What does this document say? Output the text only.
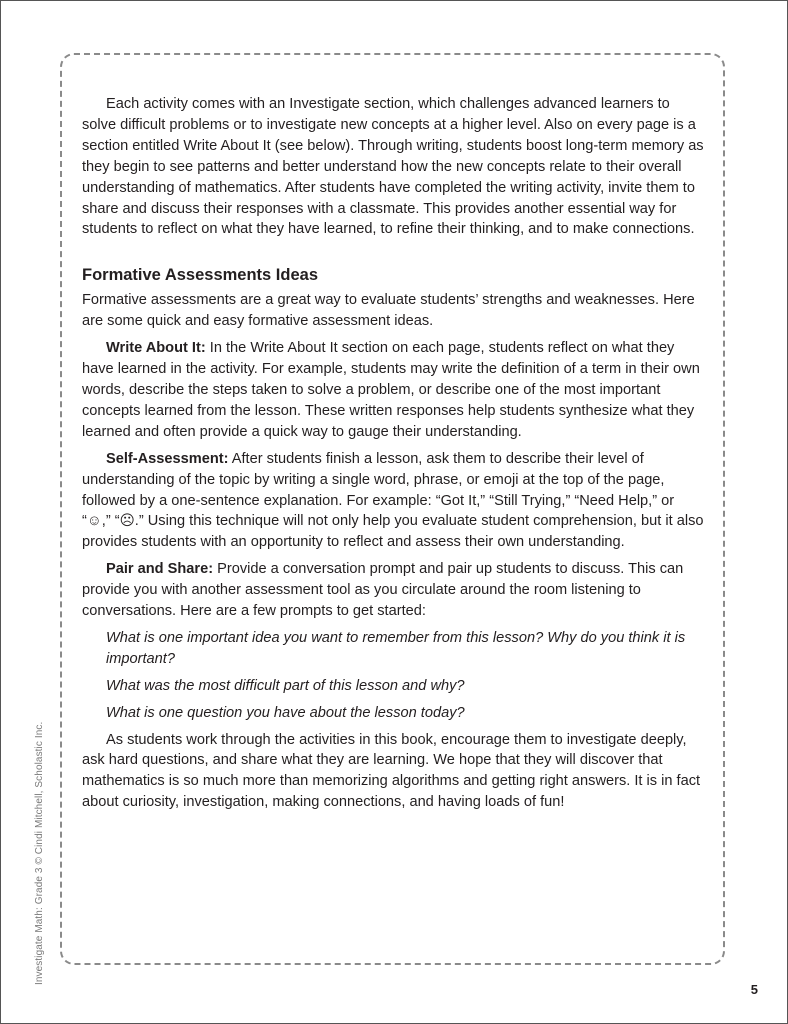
Each activity comes with an Investigate section, which challenges advanced learners to solve difficult problems or to investigate new concepts at a higher level. Also on every page is a section entitled Write About It (see below). Through writing, students boost long-term memory as they begin to see patterns and better understand how the new concepts relate to their overall understanding of mathematics. After students have completed the writing activity, invite them to share and discuss their responses with a classmate. This provides another essential way for students to reflect on what they have learned, to refine their thinking, and to make connections.

Formative Assessments Ideas

Formative assessments are a great way to evaluate students’ strengths and weaknesses. Here are some quick and easy formative assessment ideas.

Write About It: In the Write About It section on each page, students reflect on what they have learned in the activity. For example, students may write the definition of a term in their own words, describe the steps taken to solve a problem, or describe one of the most important concepts learned from the lesson. These written responses help students synthesize what they learned and often provide a quick way to gauge their understanding.

Self-Assessment: After students finish a lesson, ask them to describe their level of understanding of the topic by writing a single word, phrase, or emoji at the top of the page, followed by a one-sentence explanation. For example: “Got It,” “Still Trying,” “Need Help,” or “☺,” “☹.” Using this technique will not only help you evaluate student comprehension, but it also provides students with an opportunity to reflect and assess their own understanding.

Pair and Share: Provide a conversation prompt and pair up students to discuss. This can provide you with another assessment tool as you circulate around the room listening to conversations. Here are a few prompts to get started:

What is one important idea you want to remember from this lesson? Why do you think it is important?

What was the most difficult part of this lesson and why?

What is one question you have about the lesson today?

As students work through the activities in this book, encourage them to investigate deeply, ask hard questions, and share what they are learning. We hope that they will discover that mathematics is so much more than memorizing algorithms and getting right answers. It is in fact about curiosity, investigation, making connections, and having loads of fun!

Investigate Math: Grade 3 © Cindi Mitchell, Scholastic Inc.
5
